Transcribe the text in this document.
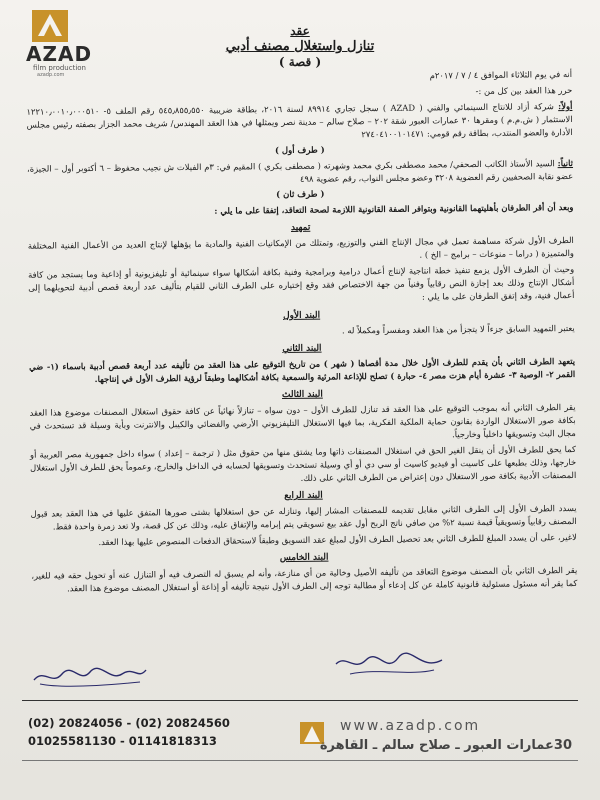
AZAD
film production
azadp.com
عقد
تنازل واستغلال مصنف أدبي
( قصة )

أنه في يوم الثلاثاء الموافق ٤ / ٧ / ٢٠١٧م

حرر هذا العقد بين كل من :-

أولاً: شركة أزاد للانتاج السينمائي والفني ( AZAD ) سجل تجاري ٨٩٩١٤ لسنة ٢٠١٦، بطاقة ضريبية ٥٤٥٫٨٥٥٫٥٥٠ رقم الملف ٥- ١٢٢١٠٫٠٠١٠٫٠٠٠٥١٠ الاستثمار ( ش.م.م ) ومقرها ٣٠ عمارات العبور شقة ٢٠٢ – صلاح سالم – مدينة نصر ويمثلها في هذا العقد المهندس/ شريف محمد الجزار بصفته رئيس مجلس الأدارة والعضو المنتدب، بطاقة رقم قومي: ٢٧٤٠٤١٠٠١٠١٤٧١

( طرف أول )

ثانياً: السيد الأستاذ الكاتب الصحفي/ محمد مصطفى بكري محمد وشهرته ( مصطفى بكري ) المقيم في: ٣م الفيلات ش نجيب محفوظ – ٦ أكتوبر أول – الجيزة، عضو نقابة الصحفيين رقم العضوية ٣٢٠٨ وعضو مجلس النواب، رقم عضوية ٤٩٨

( طرف ثان )

وبعد أن أقر الطرفان بأهليتهما القانونية وبتوافر الصفة القانونية اللازمة لصحة التعاقد، إتفقا على ما يلي :

تمهيد

الطرف الأول شركة مساهمة تعمل في مجال الإنتاج الفني والتوزيع، وتمتلك من الإمكانيات الفنية والمادية ما يؤهلها لإنتاج العديد من الأعمال الفنية المختلفة والمتميزة ( دراما – منوعات – برامج – الخ ) .

وحيث أن الطرف الأول يزمع تنفيذ خطة انتاجية لإنتاج أعمال درامية وبرامجية وفنية بكافة أشكالها سواء سينمائية أو تليفزيونية أو إذاعية وما يستجد من كافة أشكال الإنتاج وذلك بعد إجازة النص رقابياً وفنياً من جهة الاختصاص فقد وقع إختياره على الطرف الثاني للقيام بتأليف عدد أربعة قصص أدبية لتحويلهما إلى أعمال فنية، وقد إتفق الطرفان على ما يلي :

البند الأول

يعتبر التمهيد السابق جزءاً لا يتجزأ من هذا العقد ومفسراً ومكملاً له .

البند الثاني

يتعهد الطرف الثاني بأن يقدم للطرف الأول خلال مدة أقصاها ( شهر ) من تاريخ التوقيع على هذا العقد من تأليفه عدد أربعة قصص أدبية باسماء (١- ضي القمر ٢- الوصية ٣- عشرة أيام هزت مصر ٤- حبارة ) تصلح للإذاعة المرئية والسمعية بكافة أشكالهما وطبقاً لرؤية الطرف الأول في إنتاجها.

البند الثالث

يقر الطرف الثاني أنه بموجب التوقيع على هذا العقد قد تنازل للطرف الأول – دون سواه – تنازلاً نهائياً عن كافة حقوق استغلال المصنفات موضوع هذا العقد بكافة صور الاستغلال الواردة بقانون حماية الملكية الفكرية، بما فيها الاستغلال التليفزيوني الأرضي والفضائي والكيبل والانترنت وبأية وسيلة قد تستحدث في مجال البث وتسويقها داخلياً وخارجياً.

كما يحق للطرف الأول أن ينقل الغير الحق في استغلال المصنفات ذاتها وما يشتق منها من حقوق مثل ( ترجمة – إعداد ) سواء داخل جمهورية مصر العربية أو خارجها، وذلك بطبعها على كاسيت أو فيديو كاسيت أو سي دي أو أي وسيلة تستحدث وتسويقها لحسابه في الداخل والخارج، وعموماً يحق للطرف الأول استغلال المصنفات الأدبية بكافة صور الاستغلال دون إعتراض من الطرف الثاني على ذلك.

البند الرابع

يسدد الطرف الأول إلى الطرف الثاني مقابل تقديمه للمصنفات المشار إليها، وتنازله عن حق استغلالها بشتى صورها المتفق عليها في هذا العقد بعد قبول المصنف رقابياً وتسويقياً قيمة نسبة ٢% من صافي ناتج الربح أول عقد بيع تسويقي يتم إبرامه والإتفاق عليه، وذلك عن كل قصة، ولا تعد زمرة واحدة فقط.

لاغير، على أن يسدد المبلغ للطرف الثاني بعد تحصيل الطرف الأول لمبلغ عقد التسويق وطبقاً لاستحقاق الدفعات المنصوص عليها بهذا العقد.

البند الخامس

يقر الطرف الثاني بأن المصنف موضوع التعاقد من تأليفه الأصيل وخالية من أي منازعة، وأنه لم يسبق له التصرف فيه أو التنازل عنه أو تحويل حقه فيه للغير، كما يقر أنه مسئول مسئولية قانونية كاملة عن كل إدعاء أو مطالبة توجه إلى الطرف الأول نتيجة تأليفه أو إذاعة أو استغلال المصنف موضوع هذا العقد.

(02) 20824056 - (02) 20824560
01025581130 - 01141818313
www.azadp.com
30عمارات العبور ـ صلاح سالم ـ القاهرة
